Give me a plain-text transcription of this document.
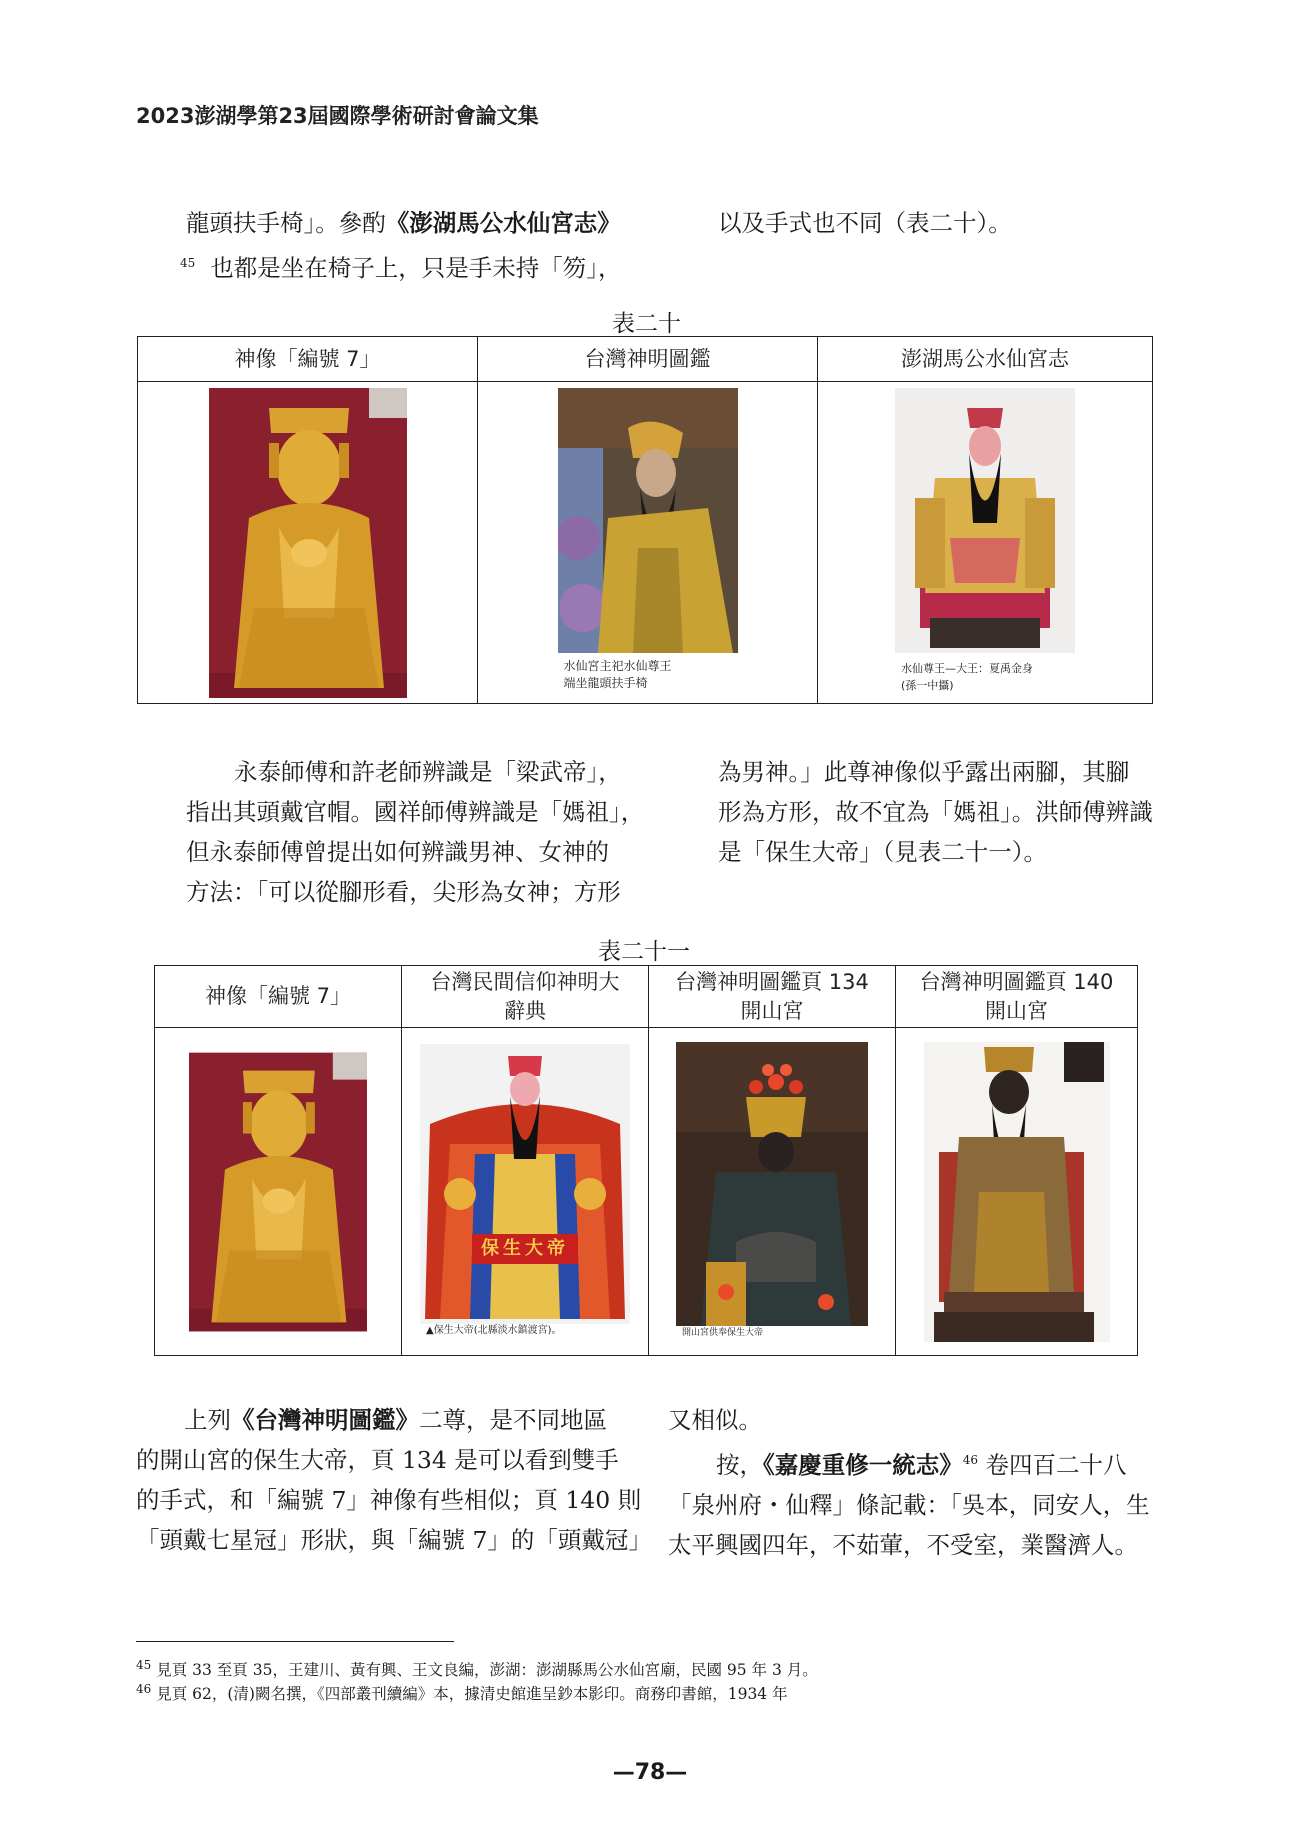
2023澎湖學第23屆國際學術研討會論文集
龍頭扶手椅」。參酌《澎湖馬公水仙宮志》
$^{45}$ 也都是坐在椅子上，只是手未持「笏」，
以及手式也不同（表二十）。
表二十
神像「編號 7」	台灣神明圖鑑	澎湖馬公水仙宮志

水仙宮主祀水仙尊王
端坐龍頭扶手椅	水仙尊王—大王：夏禹金身
(孫一中攝)
永泰師傅和許老師辨識是「梁武帝」，
指出其頭戴官帽。國祥師傅辨識是「媽祖」，
但永泰師傅曾提出如何辨識男神、女神的
方法：「可以從腳形看，尖形為女神；方形
為男神。」此尊神像似乎露出兩腳，其腳
形為方形，故不宜為「媽祖」。洪師傅辨識
是「保生大帝」（見表二十一）。
表二十一
神像「編號 7」	台灣民間信仰神明大
辭典	台灣神明圖鑑頁 134
開山宮	台灣神明圖鑑頁 140
開山宮

保生大帝
▲保生大帝(北縣淡水鎮渡宮)。	開山宮供奉保生大帝

上列《台灣神明圖鑑》二尊，是不同地區
的開山宮的保生大帝，頁 134 是可以看到雙手
的手式，和「編號 7」神像有些相似；頁 140 則
「頭戴七星冠」形狀，與「編號 7」的「頭戴冠」
又相似。
按，《嘉慶重修一統志》$^{46}$ 卷四百二十八
「泉州府・仙釋」條記載：「吳本，同安人，生
太平興國四年，不茹葷，不受室，業醫濟人。
$^{45}$ 見頁 33 至頁 35，王建川、黃有興、王文良編，澎湖：澎湖縣馬公水仙宮廟，民國 95 年 3 月。
$^{46}$ 見頁 62，(清)闕名撰，《四部叢刊續編》本，據清史館進呈鈔本影印。商務印書館，1934 年
—78—
